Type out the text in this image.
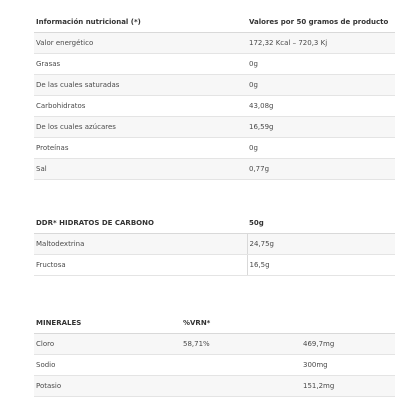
Información nutricional (*)	Valores por 50 gramos de producto
Valor energético	172,32 Kcal – 720,3 Kj
Grasas	0g
De las cuales saturadas	0g
Carbohidratos	43,08g
De los cuales azúcares	16,59g
Proteínas	0g
Sal	0,77g
DDR* HIDRATOS DE CARBONO	50g
Maltodextrina	24,75g
Fructosa	16,5g
MINERALES	%VRN*	
Cloro	58,71%	469,7mg
Sodio		300mg
Potasio		151,2mg
